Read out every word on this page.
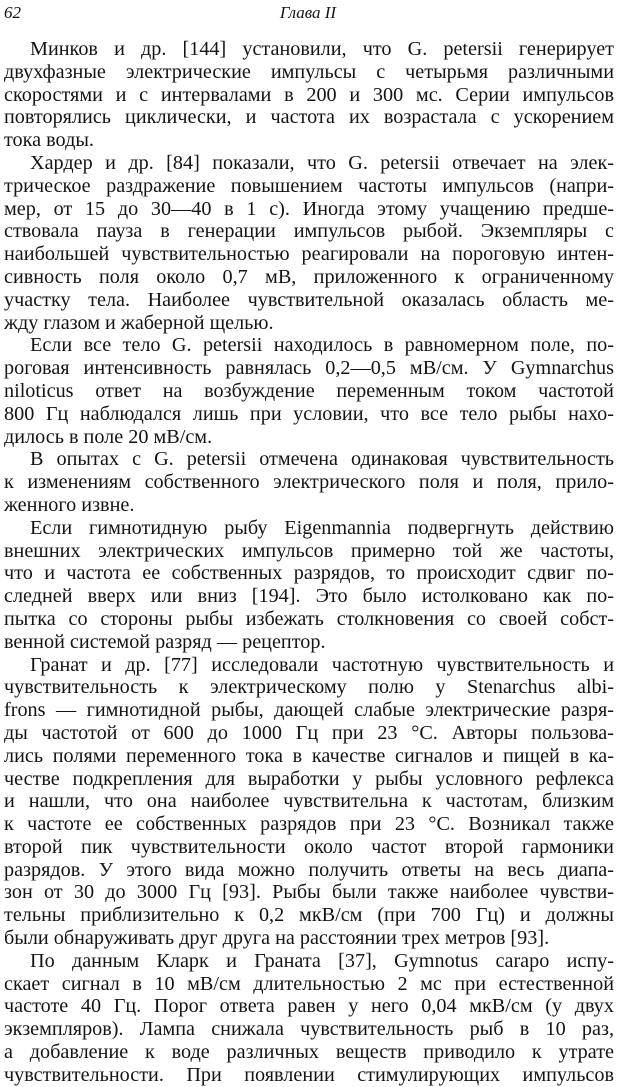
62	Глава II
Минков и др. [144] установили, что G. petersii генерирует
двухфазные электрические импульсы с четырьмя различными
скоростями и с интервалами в 200 и 300 мс. Серии импульсов
повторялись циклически, и частота их возрастала с ускорением
тока воды.
Хардер и др. [84] показали, что G. petersii отвечает на элек-
трическое раздражение повышением частоты импульсов (напри-
мер, от 15 до 30—40 в 1 с). Иногда этому учащению предше-
ствовала пауза в генерации импульсов рыбой. Экземпляры с
наибольшей чувствительностью реагировали на пороговую интен-
сивность поля около 0,7 мВ, приложенного к ограниченному
участку тела. Наиболее чувствительной оказалась область ме-
жду глазом и жаберной щелью.
Если все тело G. petersii находилось в равномерном поле, по-
роговая интенсивность равнялась 0,2—0,5 мВ/см. У Gymnarchus
niloticus ответ на возбуждение переменным током частотой
800 Гц наблюдался лишь при условии, что все тело рыбы нахо-
дилось в поле 20 мВ/см.
В опытах с G. petersii отмечена одинаковая чувствительность
к изменениям собственного электрического поля и поля, прило-
женного извне.
Если гимнотидную рыбу Eigenmannia подвергнуть действию
внешних электрических импульсов примерно той же частоты,
что и частота ее собственных разрядов, то происходит сдвиг по-
следней вверх или вниз [194]. Это было истолковано как по-
пытка со стороны рыбы избежать столкновения со своей собст-
венной системой разряд — рецептор.
Гранат и др. [77] исследовали частотную чувствительность и
чувствительность к электрическому полю у Stenarchus albi-
frons — гимнотидной рыбы, дающей слабые электрические разря-
ды частотой от 600 до 1000 Гц при 23 °С. Авторы пользова-
лись полями переменного тока в качестве сигналов и пищей в ка-
честве подкрепления для выработки у рыбы условного рефлекса
и нашли, что она наиболее чувствительна к частотам, близким
к частоте ее собственных разрядов при 23 °С. Возникал также
второй пик чувствительности около частот второй гармоники
разрядов. У этого вида можно получить ответы на весь диапа-
зон от 30 до 3000 Гц [93]. Рыбы были также наиболее чувстви-
тельны приблизительно к 0,2 мкВ/см (при 700 Гц) и должны
были обнаруживать друг друга на расстоянии трех метров [93].
По данным Кларк и Граната [37], Gymnotus carapo испу-
скает сигнал в 10 мВ/см длительностью 2 мс при естественной
частоте 40 Гц. Порог ответа равен у него 0,04 мкВ/см (у двух
экземпляров). Лампа снижала чувствительность рыб в 10 раз,
а добавление к воде различных веществ приводило к утрате
чувствительности. При появлении стимулирующих импульсов
